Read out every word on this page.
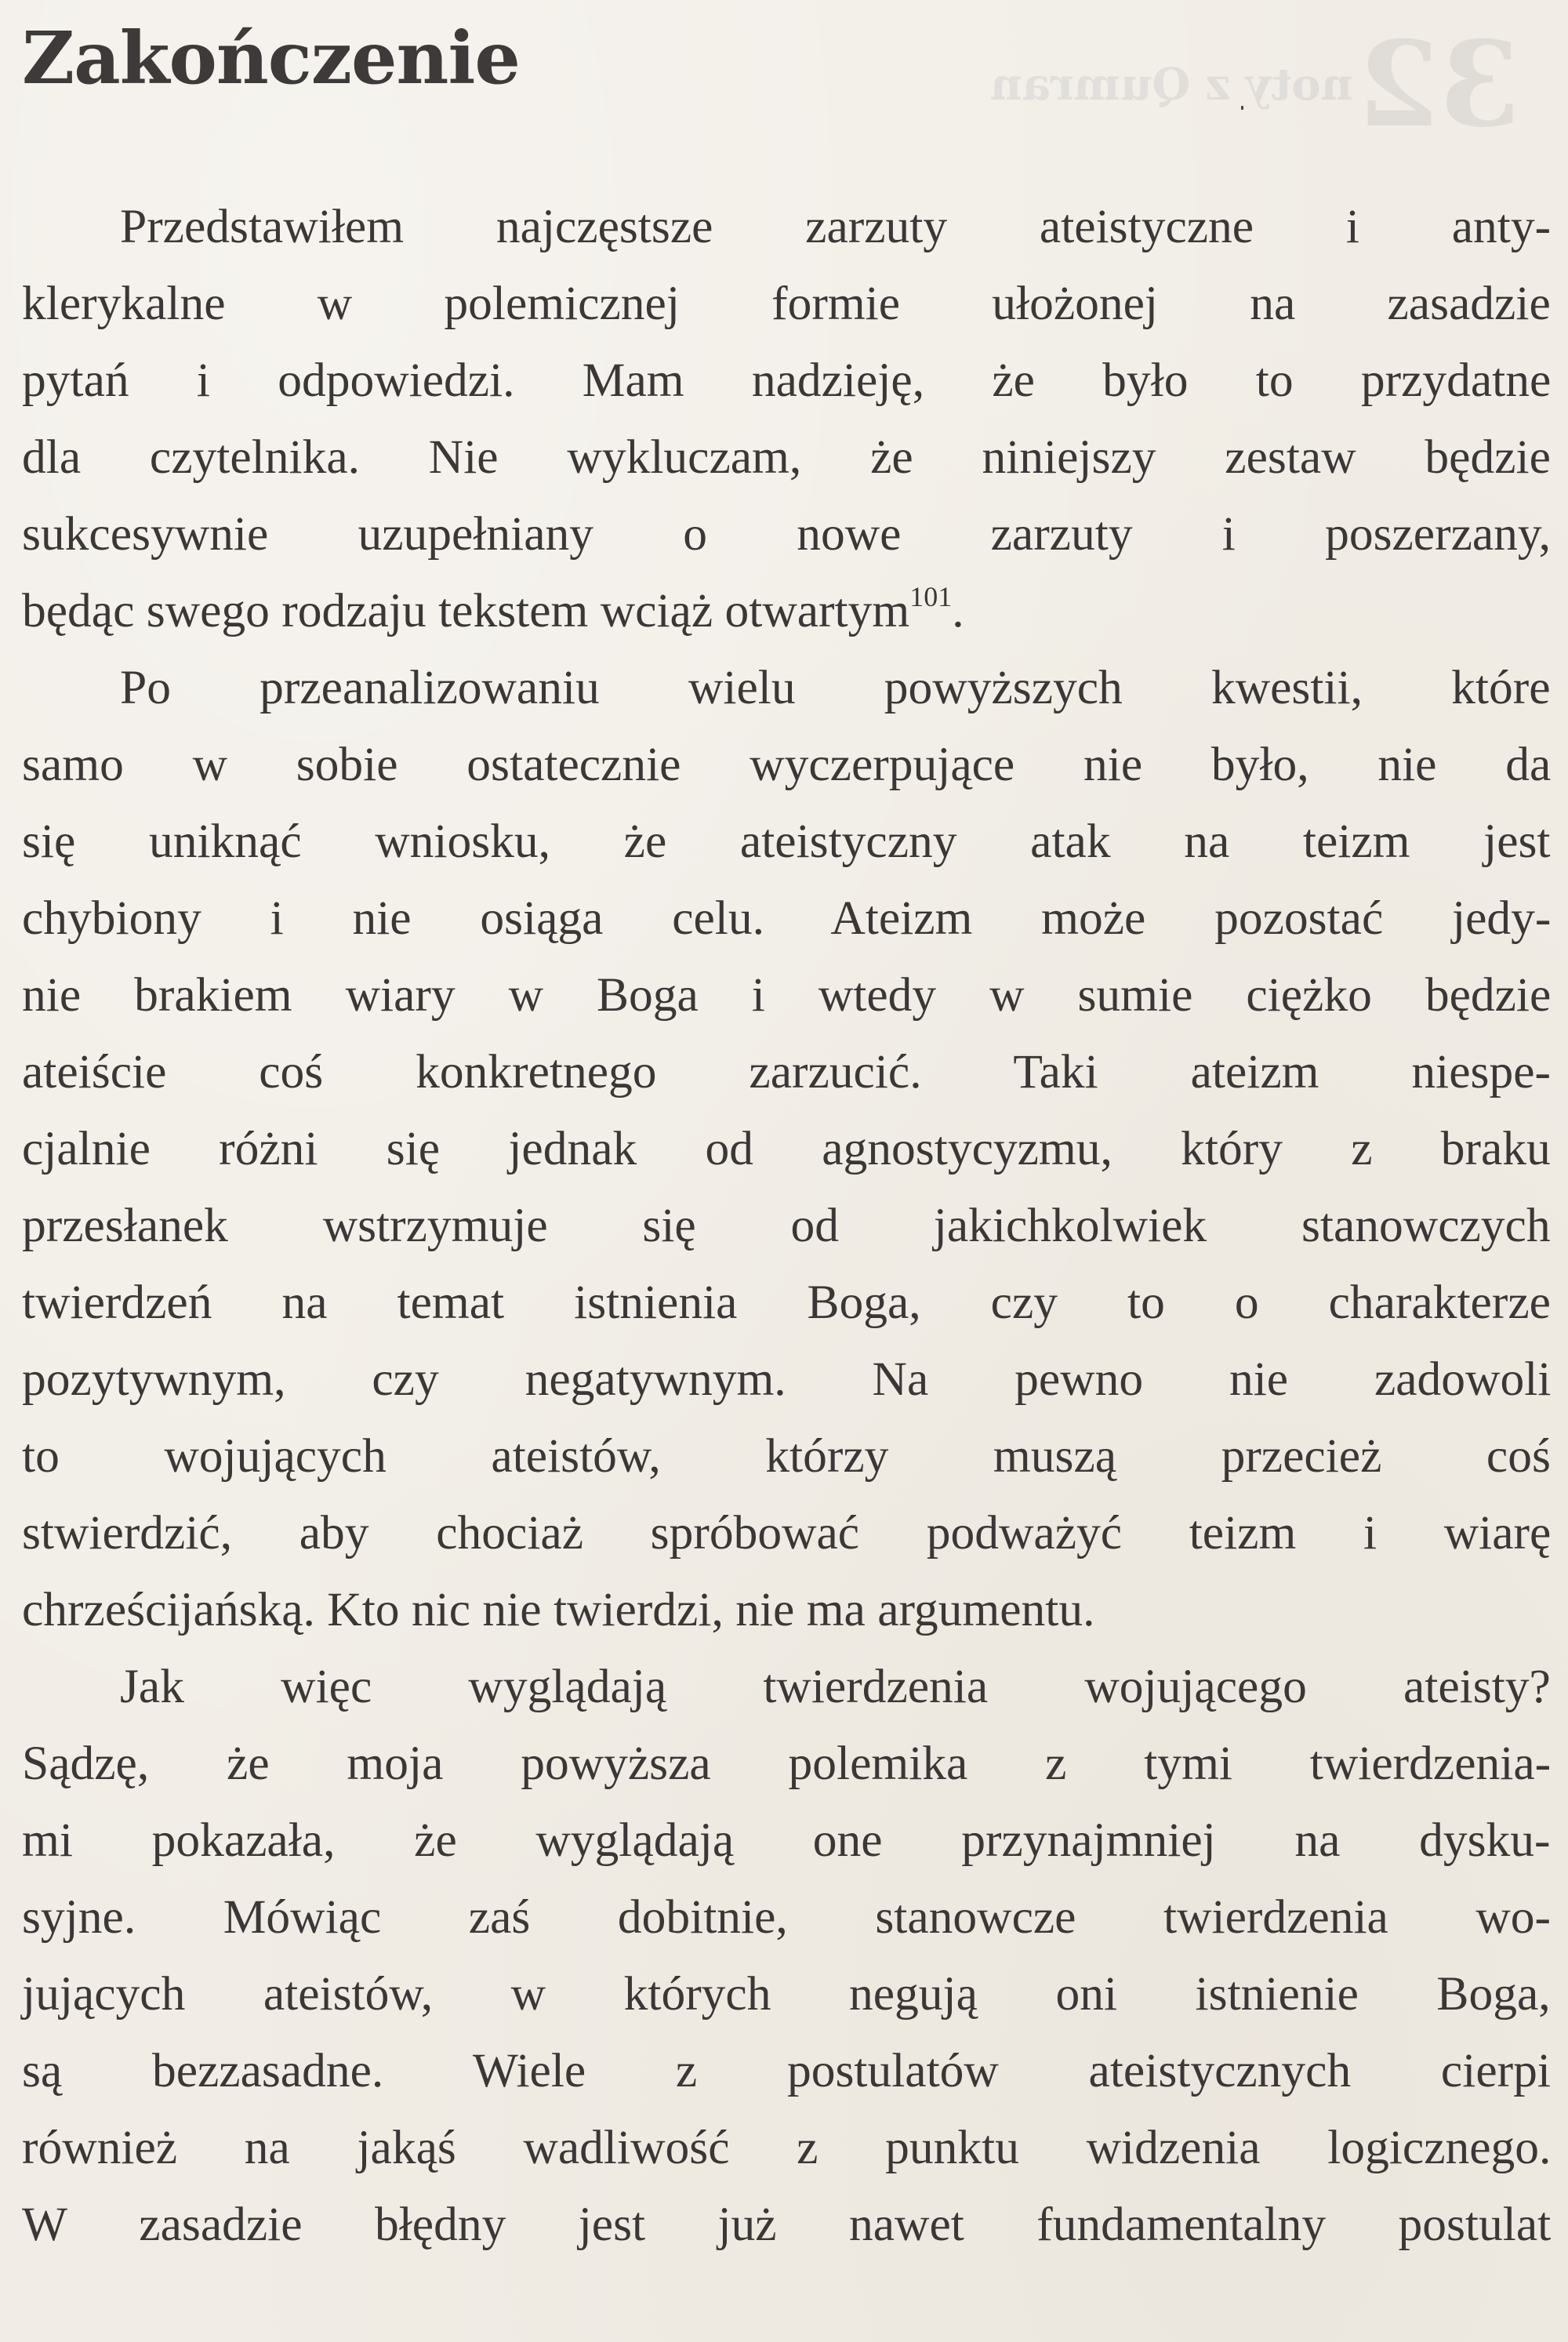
32 noty z Qumran
Zakończenie

Przedstawiłem najczęstsze zarzuty ateistyczne i anty-
klerykalne w polemicznej formie ułożonej na zasadzie
pytań i odpowiedzi. Mam nadzieję, że było to przydatne
dla czytelnika. Nie wykluczam, że niniejszy zestaw będzie
sukcesywnie uzupełniany o nowe zarzuty i poszerzany,
będąc swego rodzaju tekstem wciąż otwartym$^{101}$.

Po przeanalizowaniu wielu powyższych kwestii, które
samo w sobie ostatecznie wyczerpujące nie było, nie da
się uniknąć wniosku, że ateistyczny atak na teizm jest
chybiony i nie osiąga celu. Ateizm może pozostać jedy-
nie brakiem wiary w Boga i wtedy w sumie ciężko będzie
ateiście coś konkretnego zarzucić. Taki ateizm niespe-
cjalnie różni się jednak od agnostycyzmu, który z braku
przesłanek wstrzymuje się od jakichkolwiek stanowczych
twierdzeń na temat istnienia Boga, czy to o charakterze
pozytywnym, czy negatywnym. Na pewno nie zadowoli
to wojujących ateistów, którzy muszą przecież coś
stwierdzić, aby chociaż spróbować podważyć teizm i wiarę
chrześcijańską. Kto nic nie twierdzi, nie ma argumentu.

Jak więc wyglądają twierdzenia wojującego ateisty?
Sądzę, że moja powyższa polemika z tymi twierdzenia-
mi pokazała, że wyglądają one przynajmniej na dysku-
syjne. Mówiąc zaś dobitnie, stanowcze twierdzenia wo-
jujących ateistów, w których negują oni istnienie Boga,
są bezzasadne. Wiele z postulatów ateistycznych cierpi
również na jakąś wadliwość z punktu widzenia logicznego.
W zasadzie błędny jest już nawet fundamentalny postulat
